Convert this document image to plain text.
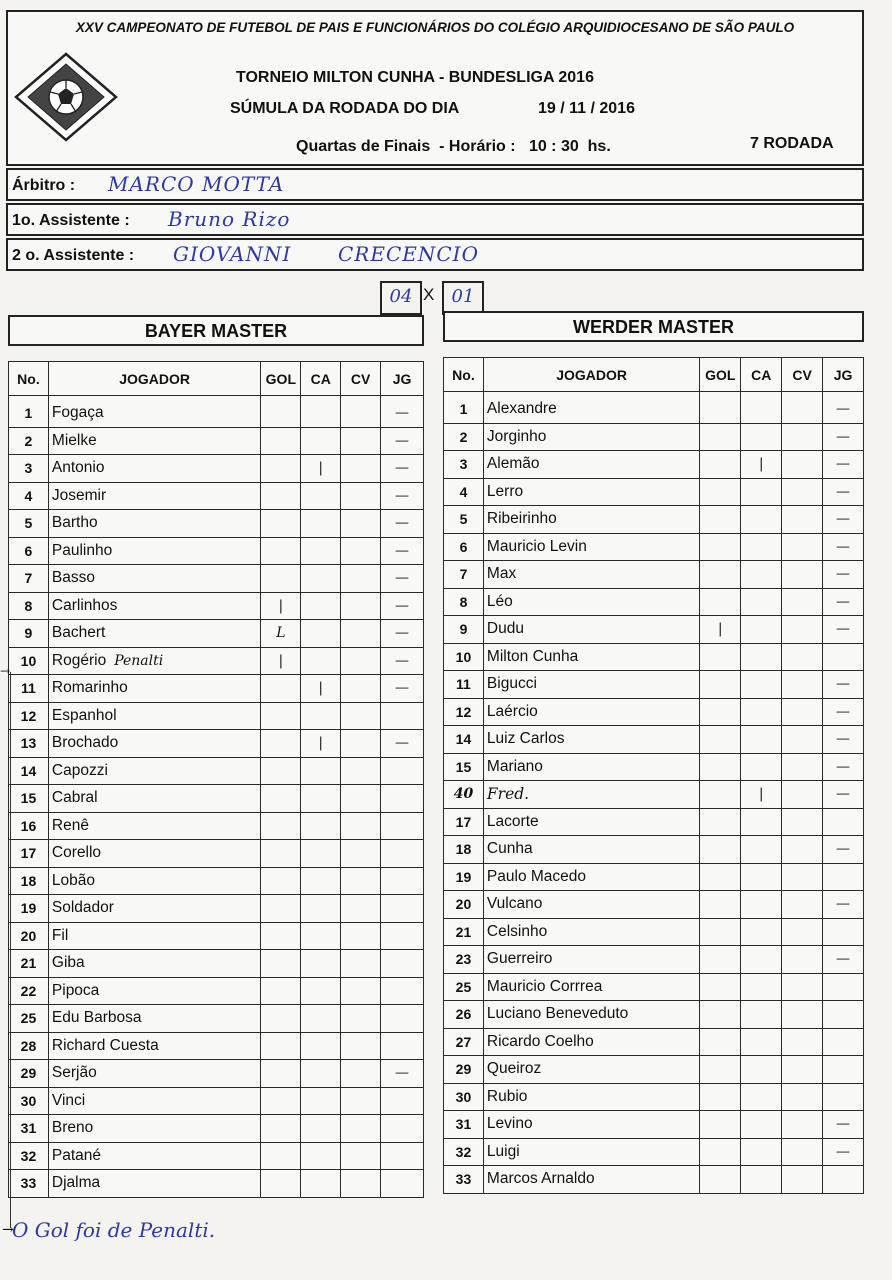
XXV CAMPEONATO DE FUTEBOL DE PAIS E FUNCIONÁRIOS DO COLÉGIO ARQUIDIOCESANO DE SÃO PAULO
TORNEIO MILTON CUNHA - BUNDESLIGA 2016
SÚMULA DA RODADA DO DIA	19 / 11 / 2016
Quartas de Finais  - Horário :   10 : 30  hs.	7 RODADA
Árbitro : MARCO MOTTA
1o. Assistente : Bruno Rizo
2 o. Assistente : GIOVANNI CRECENCIO
04 X 01
BAYER MASTER	WERDER MASTER
No.	JOGADOR	GOL	CA	CV	JG
1	Fogaça				—
2	Mielke				—
3	Antonio		|		—
4	Josemir				—
5	Bartho				—
6	Paulinho				—
7	Basso				—
8	Carlinhos	|			—
9	Bachert	L			—
10	Rogério Penalti	|			—
11	Romarinho		|		—
12	Espanhol				
13	Brochado		|		—
14	Capozzi				
15	Cabral				
16	Renê				
17	Corello				
18	Lobão				
19	Soldador				
20	Fil				
21	Giba				
22	Pipoca				
25	Edu Barbosa				
28	Richard Cuesta				
29	Serjão				—
30	Vinci				
31	Breno				
32	Patané				
33	Djalma				
No.	JOGADOR	GOL	CA	CV	JG
1	Alexandre				—
2	Jorginho				—
3	Alemão		|		—
4	Lerro				—
5	Ribeirinho				—
6	Mauricio Levin				—
7	Max				—
8	Léo				—
9	Dudu	|			—
10	Milton Cunha				
11	Bigucci				—
12	Laércio				—
14	Luiz Carlos				—
15	Mariano				—
40	Fred.		|		—
17	Lacorte				
18	Cunha				—
19	Paulo Macedo				
20	Vulcano				—
21	Celsinho				
23	Guerreiro				—
25	Mauricio Corrrea				
26	Luciano Beneveduto				
27	Ricardo Coelho				
29	Queiroz				
30	Rubio				
31	Levino				—
32	Luigi				—
33	Marcos Arnaldo				
→
→
O Gol foi de Penalti.
